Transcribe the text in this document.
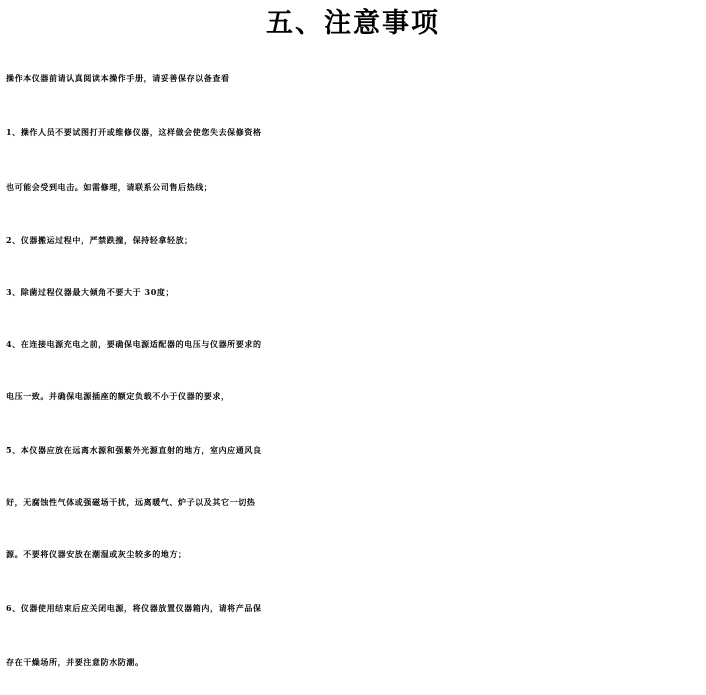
五、注意事项
操作本仪器前请认真阅读本操作手册，请妥善保存以备查看
1、操作人员不要试图打开或维修仪器，这样做会使您失去保修资格
也可能会受到电击。如需修理，请联系公司售后热线；
2、仪器搬运过程中，严禁跌撞，保持轻拿轻放；
3、除菌过程仪器最大倾角不要大于 30度；
4、在连接电源充电之前，要确保电源适配器的电压与仪器所要求的
电压一致。并确保电源插座的额定负载不小于仪器的要求，
5、本仪器应放在远离水源和强紫外光源直射的地方，室内应通风良
好，无腐蚀性气体或强磁场干扰，远离暖气、炉子以及其它一切热
源。不要将仪器安放在潮湿或灰尘较多的地方；
6、仪器使用结束后应关闭电源，将仪器放置仪器箱内，请将产品保
存在干燥场所，并要注意防水防潮。
